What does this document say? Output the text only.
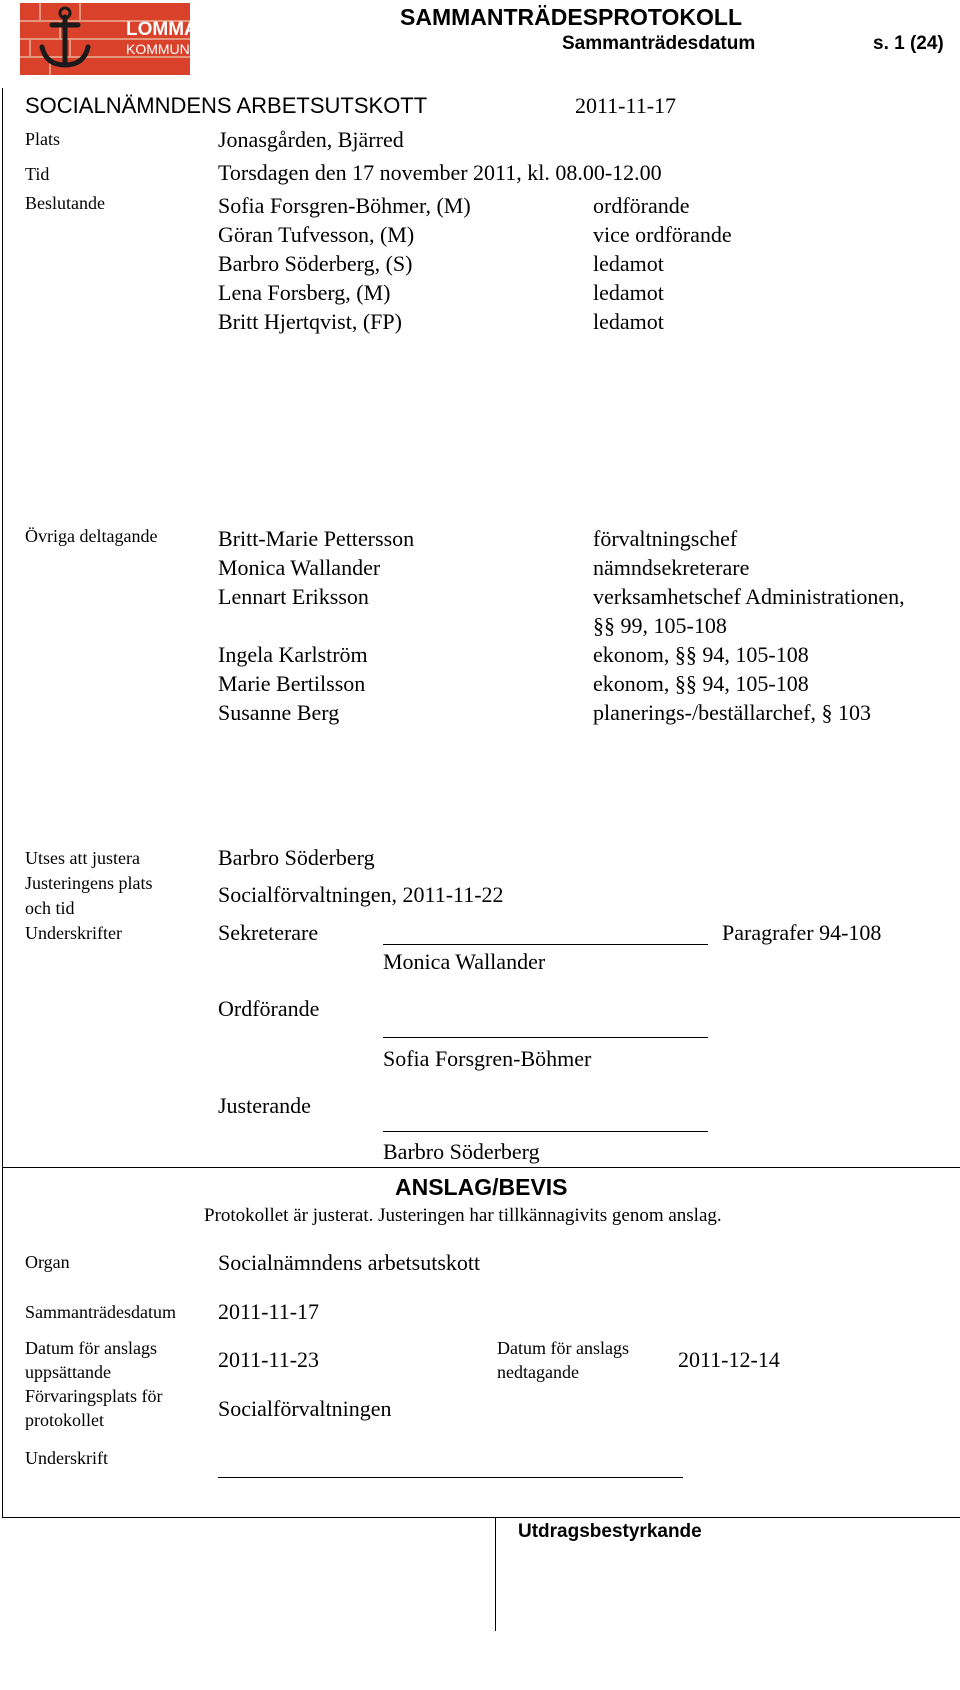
LOMMA
KOMMUN
SAMMANTRÄDESPROTOKOLL
Sammanträdesdatum	s. 1 (24)
SOCIALNÄMNDENS ARBETSUTSKOTT	2011-11-17
Plats	Jonasgården, Bjärred
Tid	Torsdagen den 17 november 2011, kl. 08.00-12.00
Beslutande	Sofia Forsgren-Böhmer, (M)	ordförande
Göran Tufvesson, (M)	vice ordförande
Barbro Söderberg, (S)	ledamot
Lena Forsberg, (M)	ledamot
Britt Hjertqvist, (FP)	ledamot
Övriga deltagande	Britt-Marie Pettersson	förvaltningschef
Monica Wallander	nämndsekreterare
Lennart Eriksson	verksamhetschef Administrationen,
§§ 99, 105-108
Ingela Karlström	ekonom, §§ 94, 105-108
Marie Bertilsson	ekonom, §§ 94, 105-108
Susanne Berg	planerings-/beställarchef, § 103
Utses att justera	Barbro Söderberg
Justeringens plats
och tid
Socialförvaltningen, 2011-11-22
Underskrifter	Sekreterare	Paragrafer 94-108
Monica Wallander
Ordförande
Sofia Forsgren-Böhmer
Justerande
Barbro Söderberg
ANSLAG/BEVIS
Protokollet är justerat. Justeringen har tillkännagivits genom anslag.
Organ	Socialnämndens arbetsutskott
Sammanträdesdatum 2011-11-17
Datum för anslags
uppsättande	2011-11-23	Datum för anslags
nedtagande	2011-12-14
Förvaringsplats för
protokollet	Socialförvaltningen
Underskrift
Utdragsbestyrkande
